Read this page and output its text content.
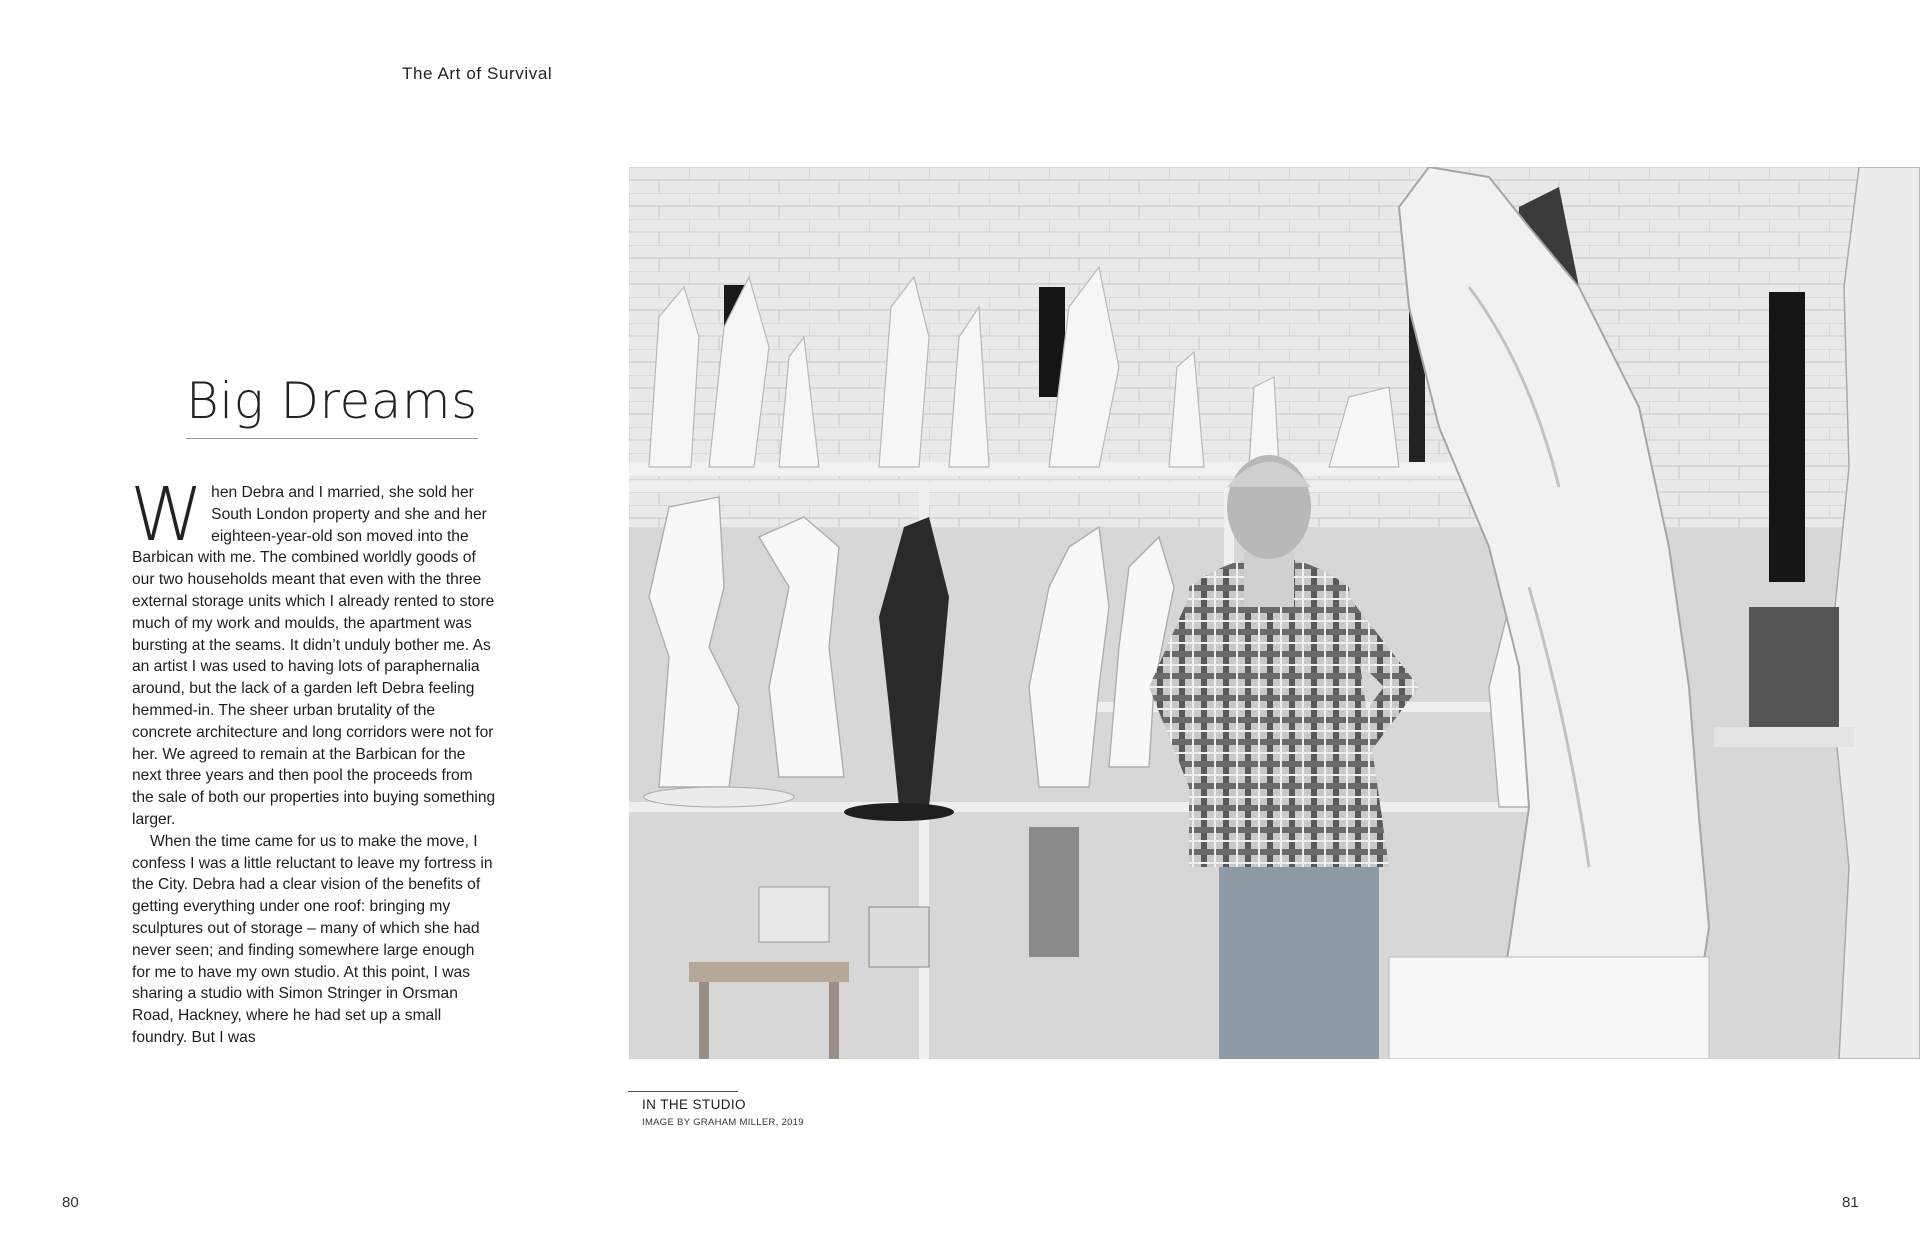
The Art of Survival
Big Dreams

When Debra and I married, she sold her South London property and she and her eighteen-year-old son moved into the Barbican with me. The combined worldly goods of our two households meant that even with the three external storage units which I already rented to store much of my work and moulds, the apartment was bursting at the seams. It didn’t unduly bother me. As an artist I was used to having lots of paraphernalia around, but the lack of a garden left Debra feeling hemmed-in. The sheer urban brutality of the concrete architecture and long corridors were not for her. We agreed to remain at the Barbican for the next three years and then pool the proceeds from the sale of both our properties into buying something larger.

When the time came for us to make the move, I confess I was a little reluctant to leave my fortress in the City. Debra had a clear vision of the benefits of getting everything under one roof: bringing my sculptures out of storage – many of which she had never seen; and finding somewhere large enough for me to have my own studio. At this point, I was sharing a studio with Simon Stringer in Orsman Road, Hackney, where he had set up a small foundry. But I was

IN THE STUDIO
IMAGE BY GRAHAM MILLER, 2019
80	81
